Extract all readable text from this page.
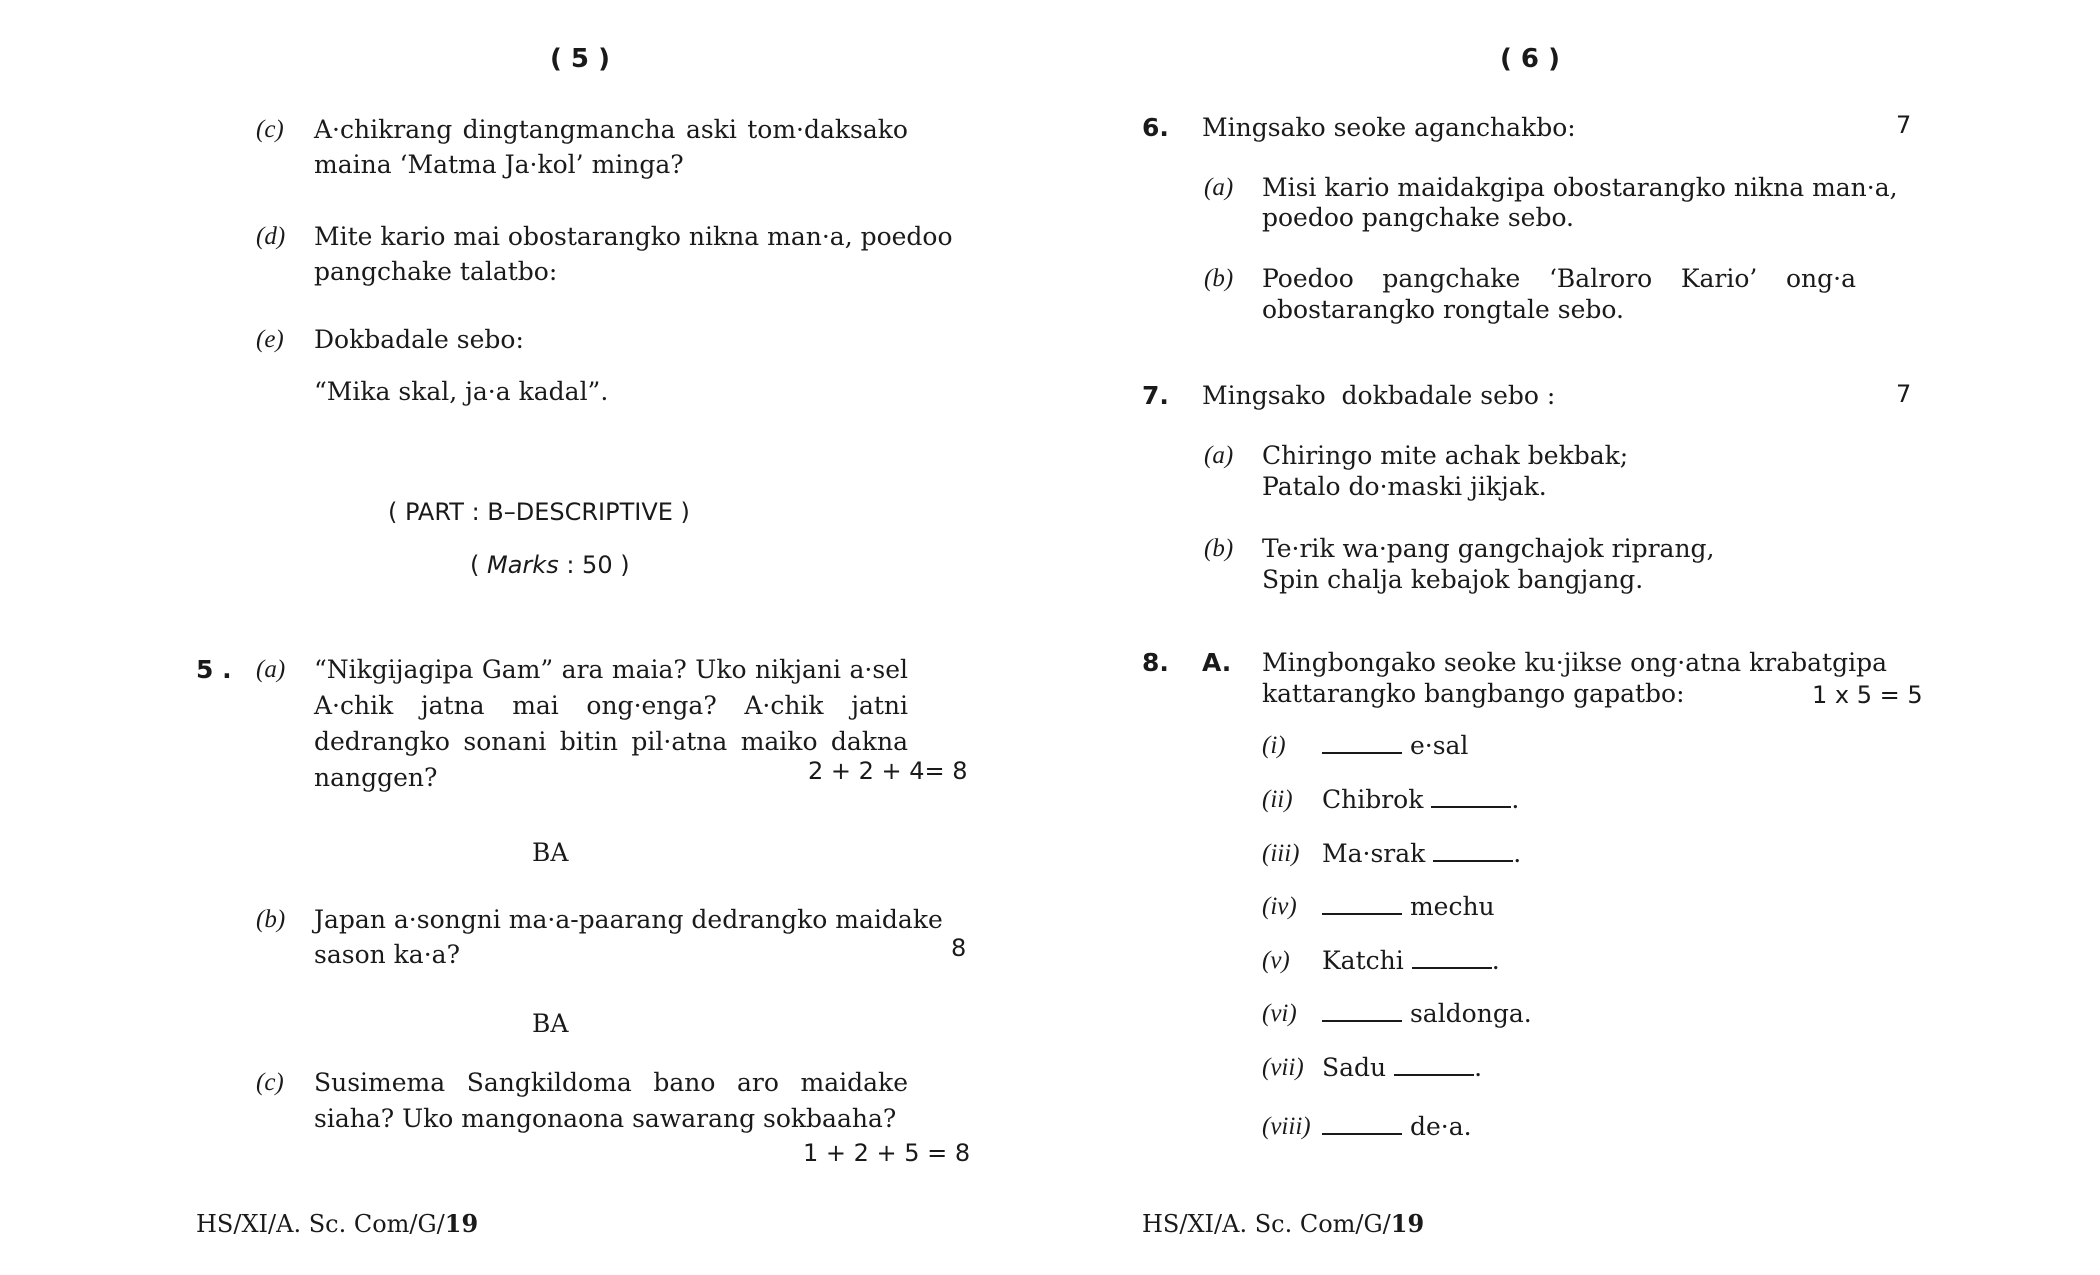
( 5 )
(c) A·chikrang dingtangmancha aski tom·daksako
maina ‘Matma Ja·kol’ minga?
(d) Mite kario mai obostarangko nikna man·a, poedoo
pangchake talatbo:
(e) Dokbadale sebo:
“Mika skal, ja·a kadal”.
( PART : B–DESCRIPTIVE )
( Marks : 50 )
5 . (a) “Nikgijagipa Gam” ara maia? Uko nikjani a·sel
A·chik jatna mai ong·enga? A·chik jatni
dedrangko sonani bitin pil·atna maiko dakna
nanggen?	2 + 2 + 4= 8
BA
(b) Japan a·songni ma·a-paarang dedrangko maidake
sason ka·a?	8
BA
(c) Susimema Sangkildoma bano aro maidake
siaha? Uko mangonaona sawarang sokbaaha?
1 + 2 + 5 = 8
HS/XI/A. Sc. Com/G/19
( 6 )
6. Mingsako seoke aganchakbo:	7
(a) Misi kario maidakgipa obostarangko nikna man·a,
poedoo pangchake sebo.
(b) Poedoo pangchake ‘Balroro Kario’ ong·a
obostarangko rongtale sebo.
7. Mingsako  dokbadale sebo :	7
(a) Chiringo mite achak bekbak;
Patalo do·maski jikjak.
(b) Te·rik wa·pang gangchajok riprang,
Spin chalja kebajok bangjang.
8. A. Mingbongako seoke ku·jikse ong·atna krabatgipa
kattarangko bangbango gapatbo:	1 x 5 = 5
(i)	e·sal
(ii) Chibrok	.
(iii) Ma·srak	.
(iv)	mechu
(v) Katchi	.
(vi)	saldonga.
(vii) Sadu	.
(viii)	de·a.
HS/XI/A. Sc. Com/G/19
